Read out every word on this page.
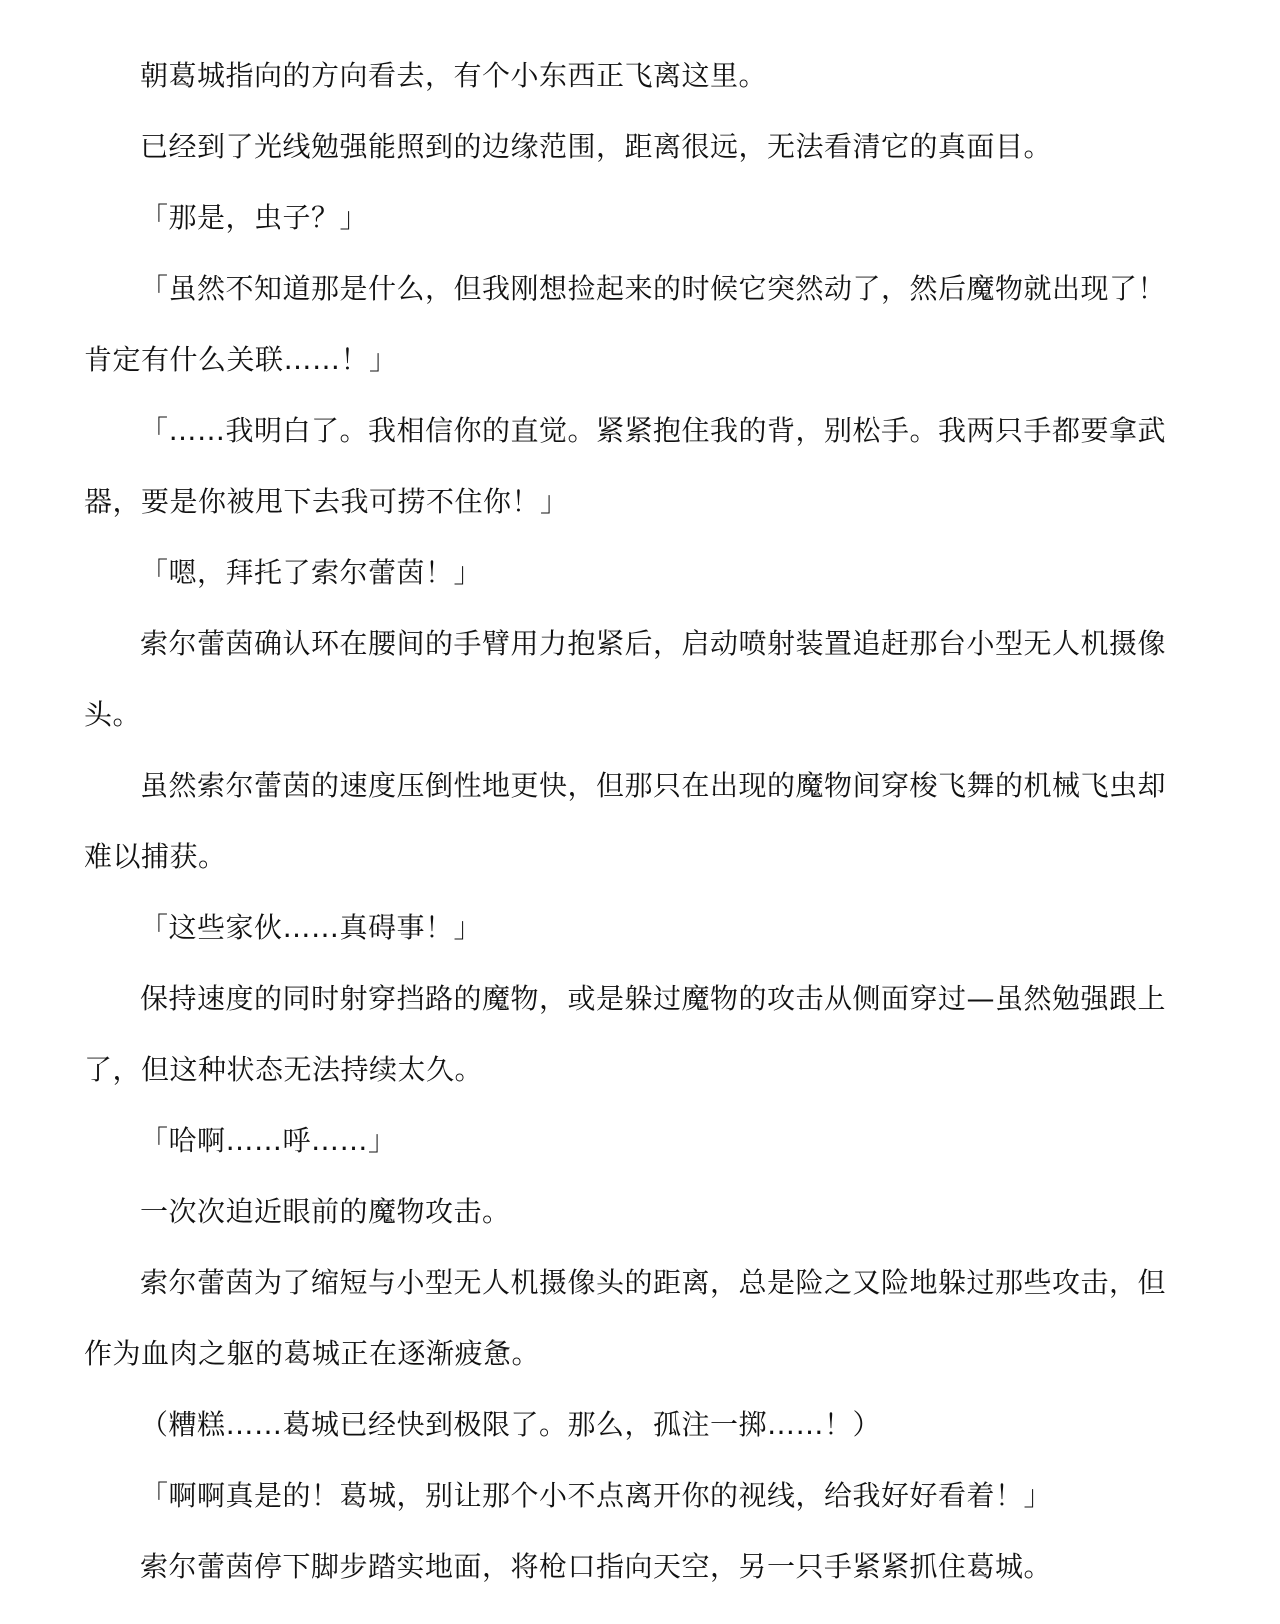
朝葛城指向的方向看去，有个小东西正飞离这里。

已经到了光线勉强能照到的边缘范围，距离很远，无法看清它的真面目。

「那是，虫子？」

「虽然不知道那是什么，但我刚想捡起来的时候它突然动了，然后魔物就出现了！肯定有什么关联……！」

「……我明白了。我相信你的直觉。紧紧抱住我的背，别松手。我两只手都要拿武器，要是你被甩下去我可捞不住你！」

「嗯，拜托了索尔蕾茵！」

索尔蕾茵确认环在腰间的手臂用力抱紧后，启动喷射装置追赶那台小型无人机摄像头。

虽然索尔蕾茵的速度压倒性地更快，但那只在出现的魔物间穿梭飞舞的机械飞虫却难以捕获。

「这些家伙……真碍事！」

保持速度的同时射穿挡路的魔物，或是躲过魔物的攻击从侧面穿过—虽然勉强跟上了，但这种状态无法持续太久。

「哈啊……呼……」

一次次迫近眼前的魔物攻击。

索尔蕾茵为了缩短与小型无人机摄像头的距离，总是险之又险地躲过那些攻击，但作为血肉之躯的葛城正在逐渐疲惫。

（糟糕……葛城已经快到极限了。那么，孤注一掷……！）

「啊啊真是的！葛城，别让那个小不点离开你的视线，给我好好看着！」

索尔蕾茵停下脚步踏实地面，将枪口指向天空，另一只手紧紧抓住葛城。
